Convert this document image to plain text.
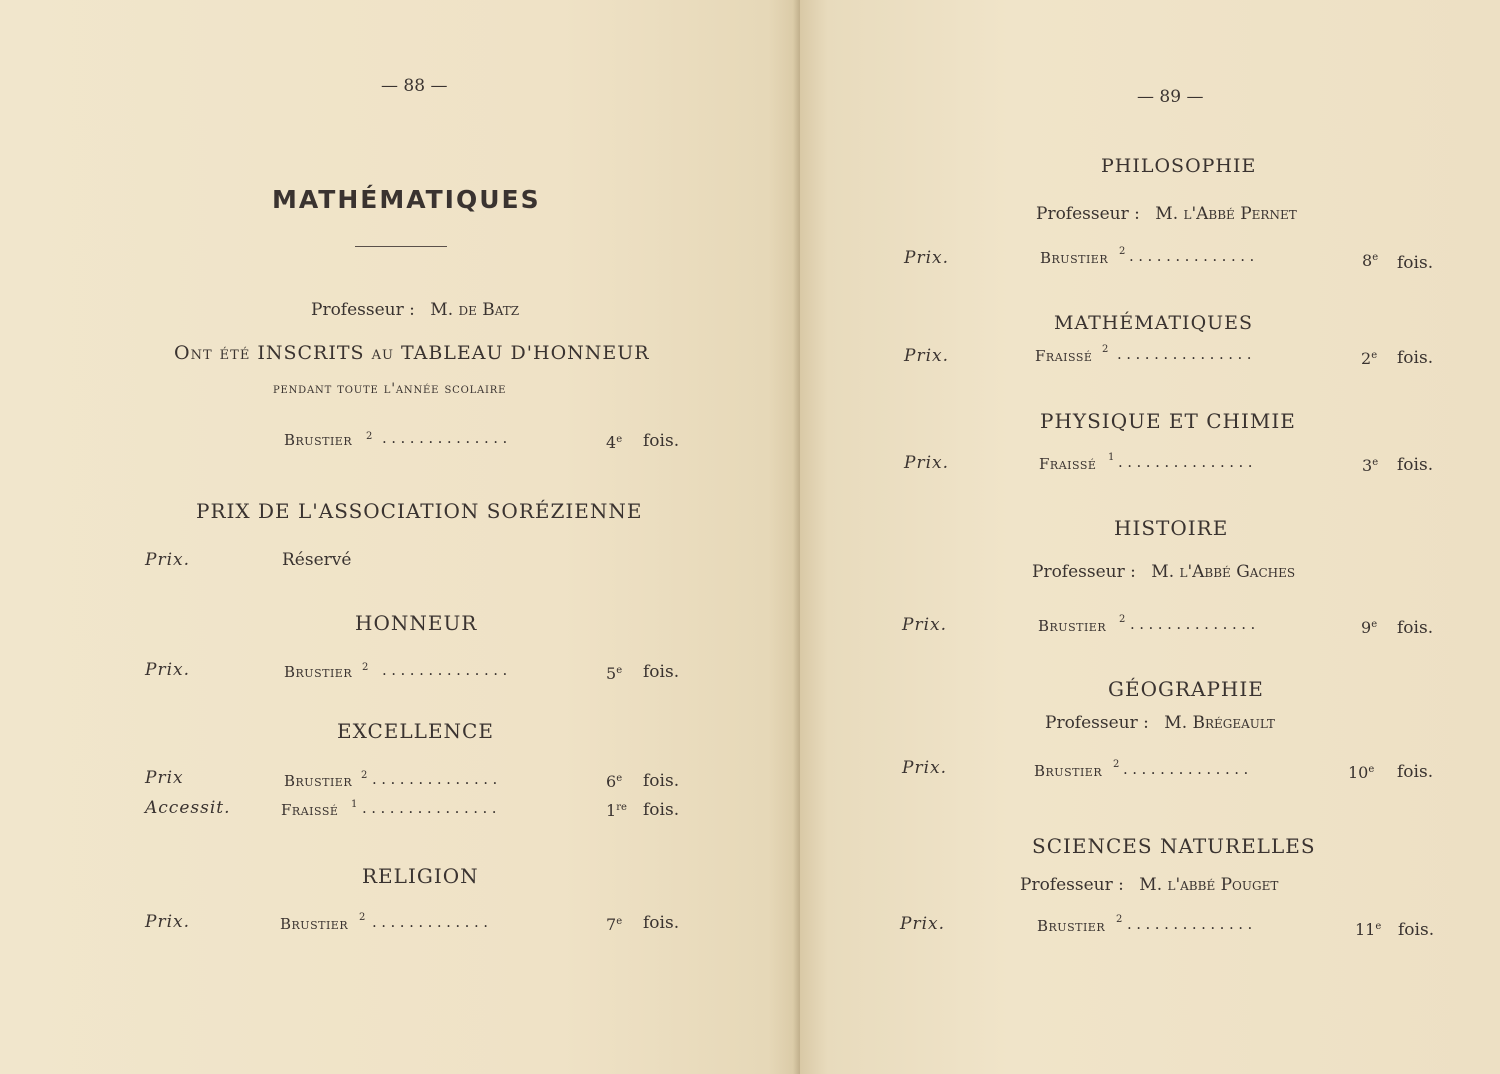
— 88 —
MATHÉMATIQUES
Professeur : M. de Batz
Ont été INSCRITS au TABLEAU D'HONNEUR
pendant toute l'année scolaire
Brustier 2 ..............	4e fois.
PRIX DE L'ASSOCIATION SORÉZIENNE
Prix.	Réservé
HONNEUR
Prix.	Brustier 2 ..............	5e fois.
EXCELLENCE
Prix	Brustier 2 ..............	6e fois.
Accessit.	Fraissé 1 ...............	1re fois.
RELIGION
Prix.	Brustier 2 .............	7e fois.
— 89 —
PHILOSOPHIE
Professeur : M. l'Abbé Pernet
Prix.	Brustier 2 ..............	8e fois.
MATHÉMATIQUES
Prix.	Fraissé 2 ...............	2e fois.
PHYSIQUE ET CHIMIE
Prix.	Fraissé 1 ...............	3e fois.
HISTOIRE
Professeur : M. l'Abbé Gaches
Prix.	Brustier 2 ..............	9e fois.
GÉOGRAPHIE
Professeur : M. Brégeault
Prix.	Brustier 2 ..............	10e fois.
SCIENCES NATURELLES
Professeur : M. l'abbé Pouget
Prix.	Brustier 2 ..............	11e fois.
